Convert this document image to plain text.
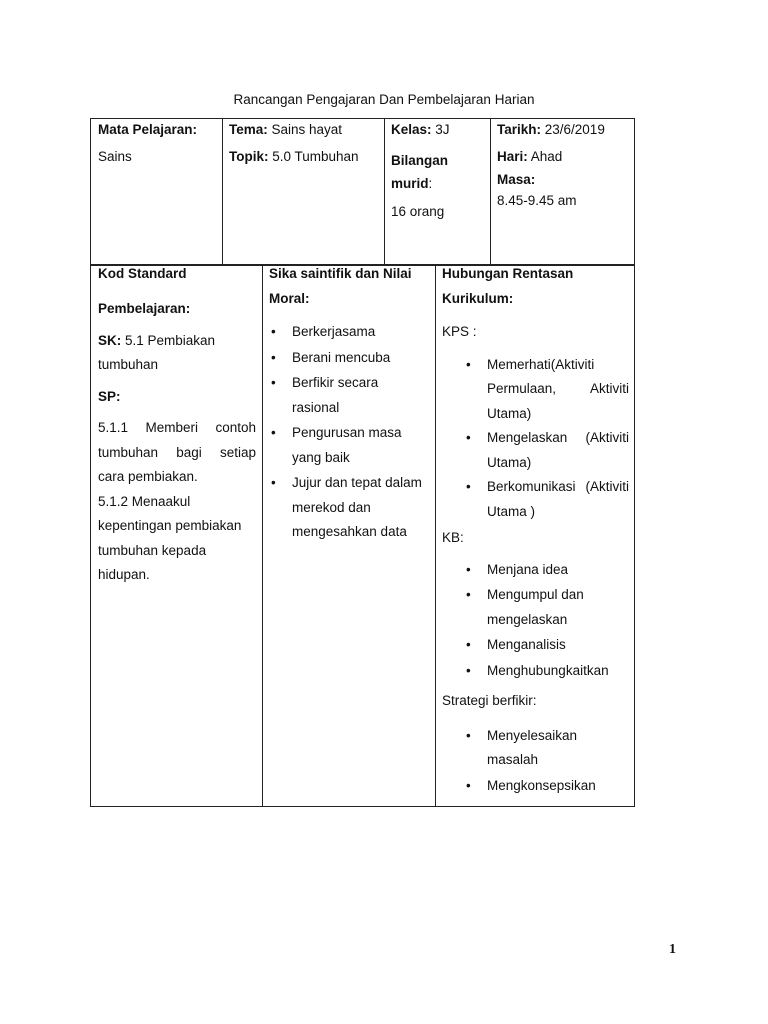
Rancangan Pengajaran Dan Pembelajaran Harian
Mata Pelajaran:
Sains

Tema: Sains hayat
Topik: 5.0 Tumbuhan

Kelas: 3J
Bilangan
murid:
16 orang

Tarikh: 23/6/2019
Hari: Ahad
Masa:
8.45-9.45 am
Kod Standard
Pembelajaran:
SK: 5.1 Pembiakan
tumbuhan
SP:
5.1.1 Memberi contoh tumbuhan bagi setiap cara pembiakan.
5.1.2 Menaakul kepentingan pembiakan tumbuhan kepada hidupan.

Sika saintifik dan Nilai
Moral:
• Berkerjasama
• Berani mencuba
• Berfikir secara rasional
• Pengurusan masa yang baik
• Jujur dan tepat dalam merekod dan mengesahkan data

Hubungan Rentasan
Kurikulum:
KPS :
• Memerhati(Aktiviti Permulaan, Aktiviti Utama)
• Mengelaskan (Aktiviti Utama)
• Berkomunikasi (Aktiviti Utama )
KB:
• Menjana idea
• Mengumpul dan mengelaskan
• Menganalisis
• Menghubungkaitkan
Strategi berfikir:
• Menyelesaikan masalah
• Mengkonsepsikan
1
